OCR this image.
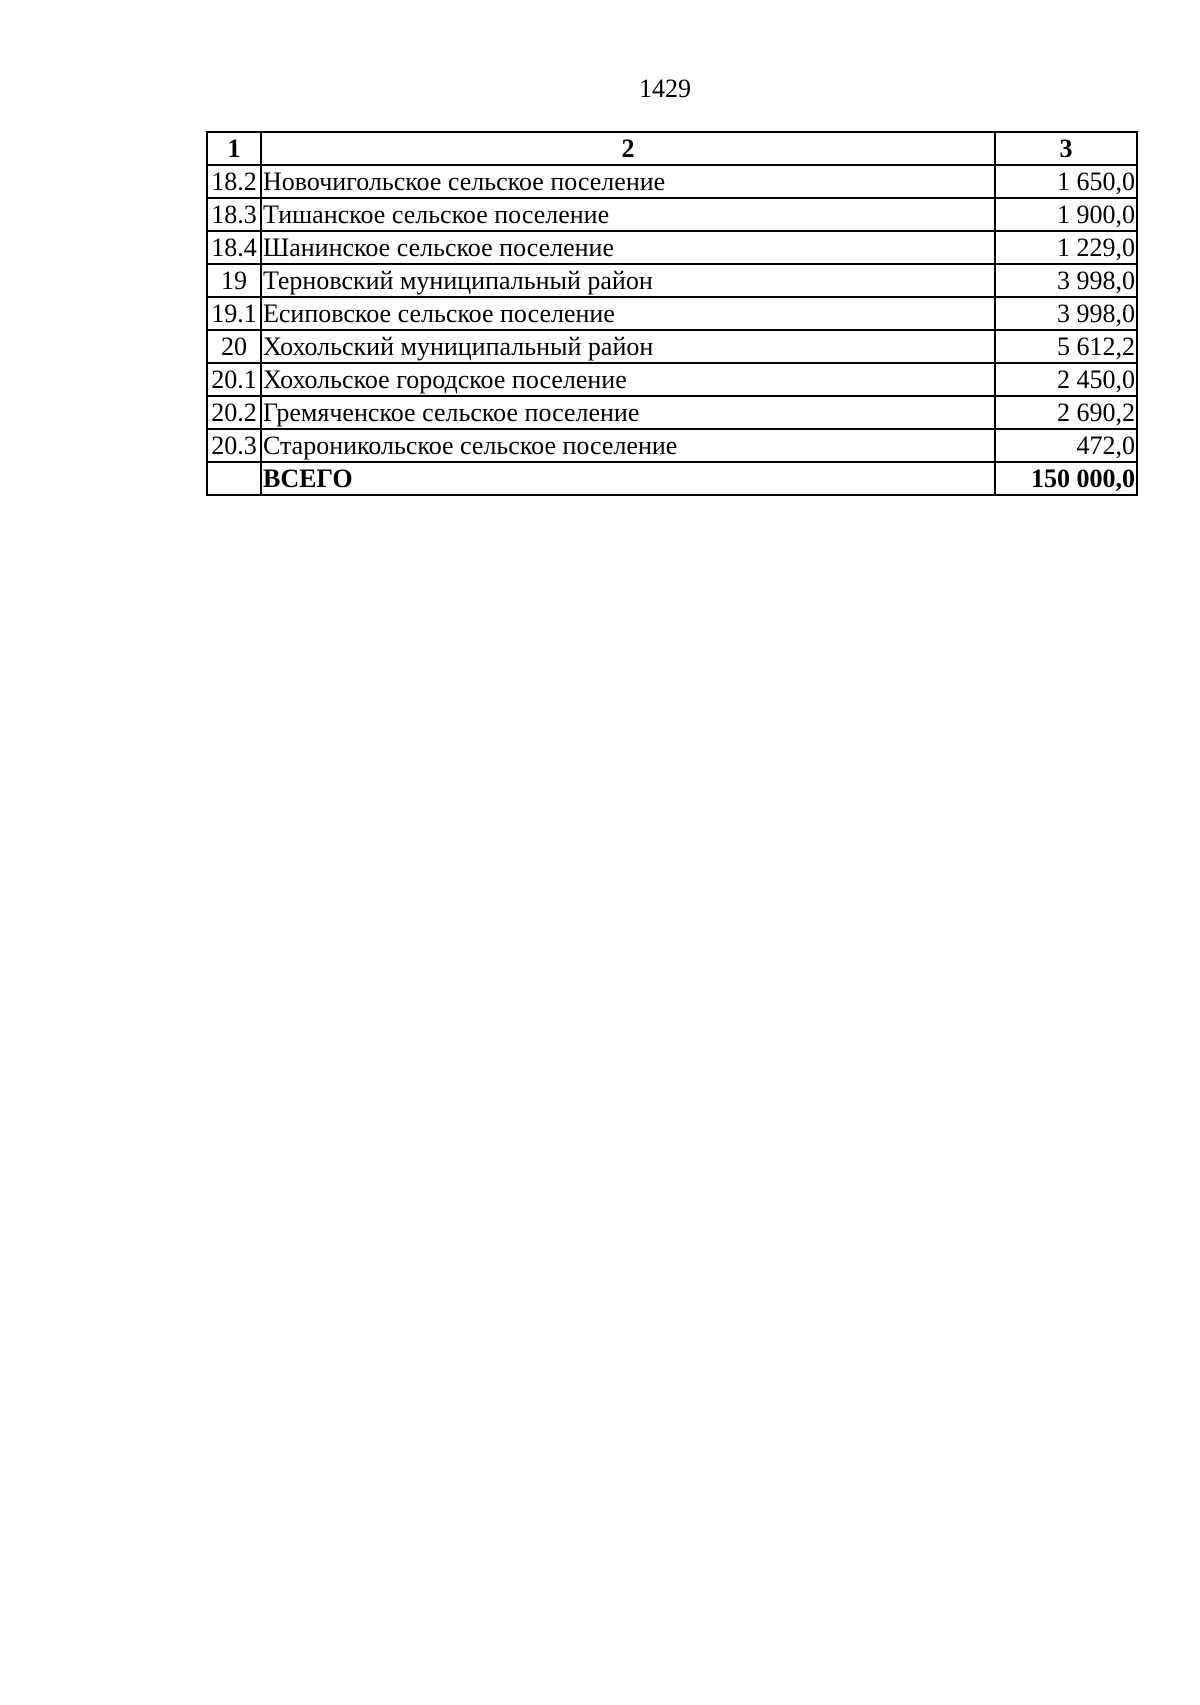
1429
1	2	3
18.2	Новочигольское сельское поселение	1 650,0
18.3	Тишанское сельское поселение	1 900,0
18.4	Шанинское сельское поселение	1 229,0
19	Терновский муниципальный район	3 998,0
19.1	Есиповское сельское поселение	3 998,0
20	Хохольский муниципальный район	5 612,2
20.1	Хохольское городское поселение	2 450,0
20.2	Гремяченское сельское поселение	2 690,2
20.3	Староникольское сельское поселение	472,0
	ВСЕГО	150 000,0
